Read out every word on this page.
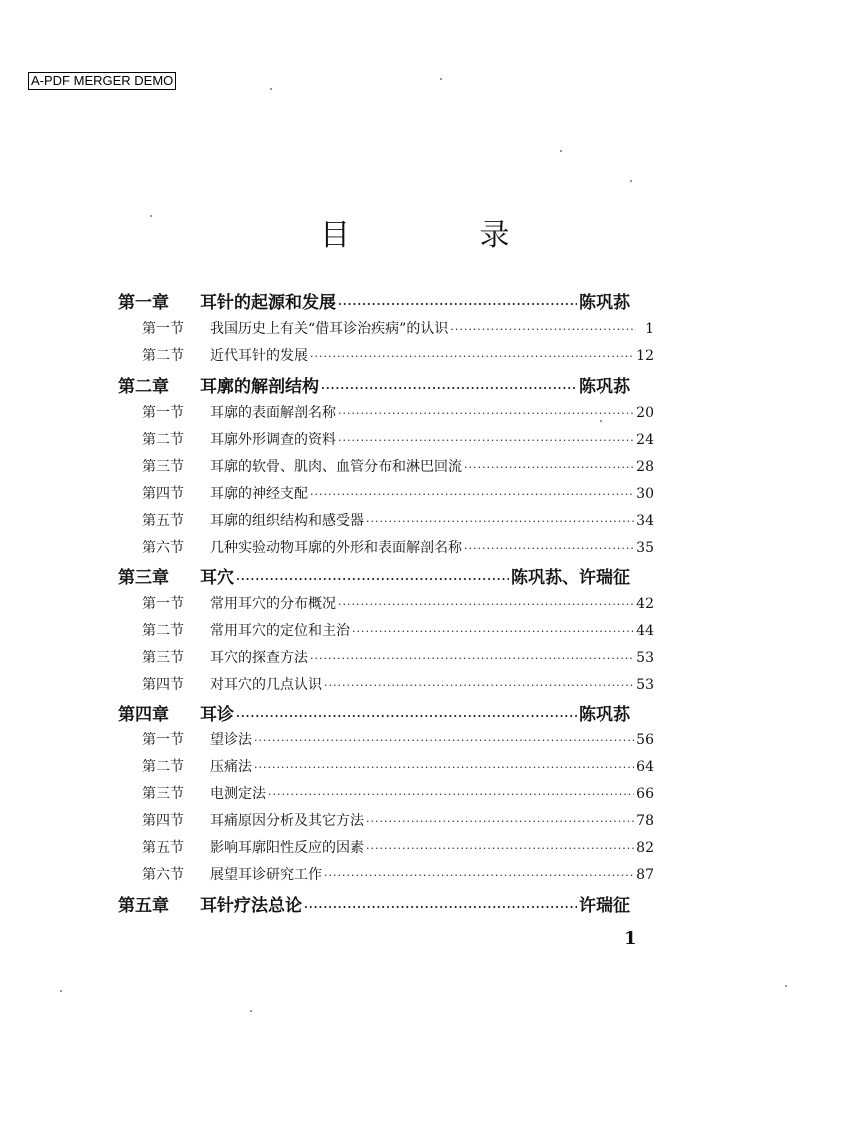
A-PDF MERGER DEMO
目 录
第一章	耳针的起源和发展 ·····	陈巩荪
第一节	我国历史上有关“借耳诊治疾病”的认识 ·····	1
第二节	近代耳针的发展 ·····	12
第二章	耳廓的解剖结构 ·····	陈巩荪
第一节	耳廓的表面解剖名称 ·····	20
第二节	耳廓外形调查的资料 ·····	24
第三节	耳廓的软骨、肌肉、血管分布和淋巴回流 ·····	28
第四节	耳廓的神经支配 ·····	30
第五节	耳廓的组织结构和感受器 ·····	34
第六节	几种实验动物耳廓的外形和表面解剖名称 ·····	35
第三章	耳穴 ·····	陈巩荪、许瑞征
第一节	常用耳穴的分布概况 ·····	42
第二节	常用耳穴的定位和主治 ·····	44
第三节	耳穴的探查方法 ·····	53
第四节	对耳穴的几点认识 ·····	53
第四章	耳诊 ·····	陈巩荪
第一节	望诊法 ·····	56
第二节	压痛法 ·····	64
第三节	电测定法 ·····	66
第四节	耳痛原因分析及其它方法 ·····	78
第五节	影响耳廓阳性反应的因素 ·····	82
第六节	展望耳诊研究工作 ·····	87
第五章	耳针疗法总论 ·····	许瑞征
1
